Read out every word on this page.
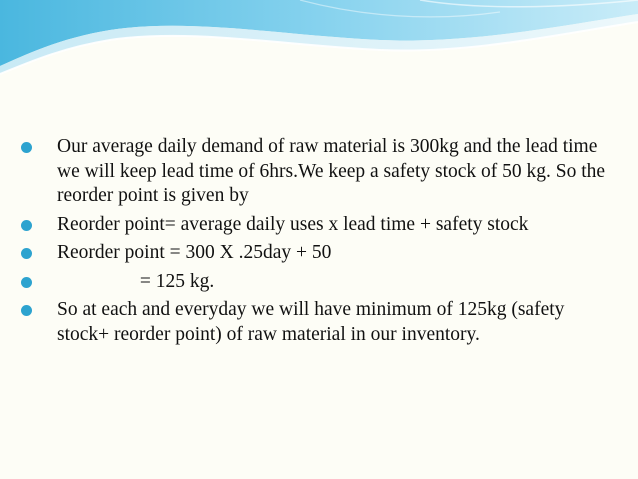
Our average daily demand of raw material is 300kg and the lead time we will keep lead time of 6hrs.We keep a safety stock of 50 kg. So the reorder point is given by
Reorder point= average daily uses x lead time + safety stock
Reorder point = 300 X .25day + 50
= 125 kg.
So at each and everyday we will have minimum of 125kg (safety stock+ reorder point) of raw material in our inventory.
